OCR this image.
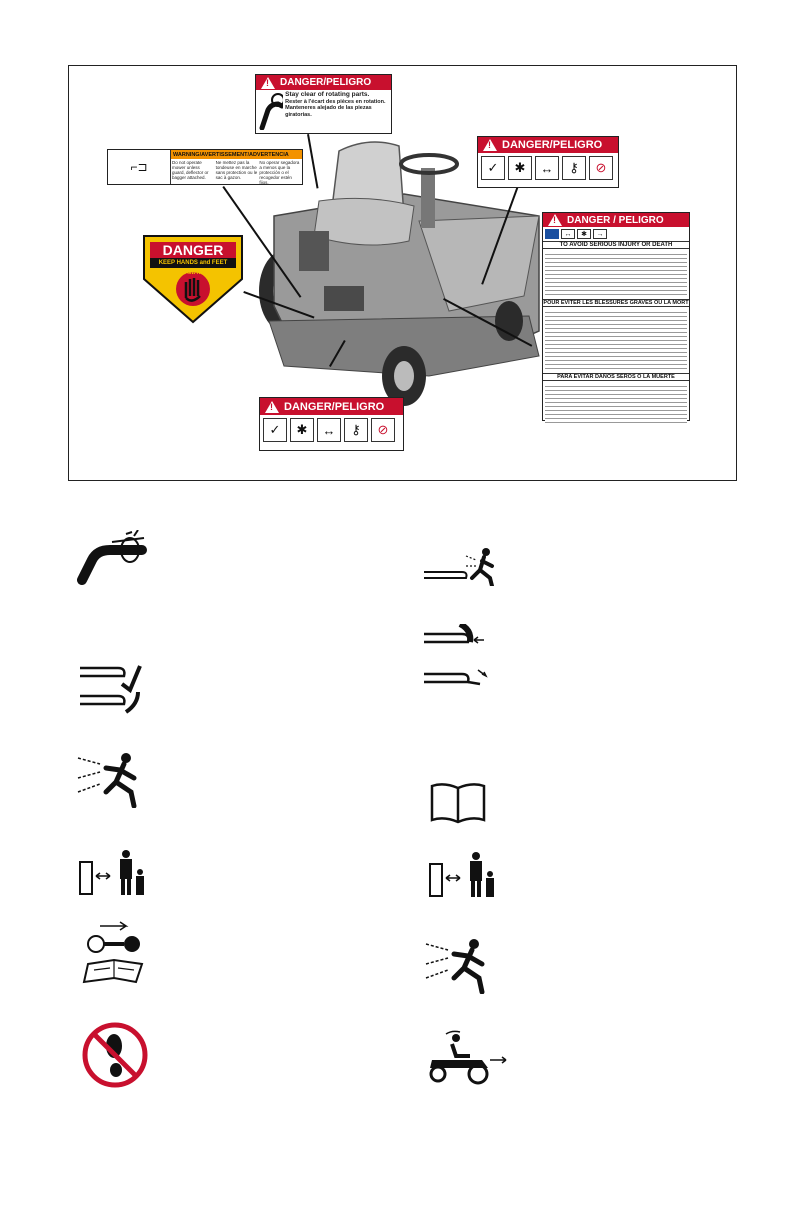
!
DANGER/PELIGRO
Stay clear of rotating parts.
Rester à l'écart des pièces en rotation.
Manteneres alejado de las piezas giratorias.
⌐⊐
WARNING/AVERTISSEMENT/ADVERTENCIA
Do not operate mower unless guard, deflector or bagger attached.
Ne mettez pas la tondeuse en marche sans protection ou le sac à gazon.
No operar segadora a menos que la protección o el recogedor estén fijos.
DANGER
KEEP HANDS and FEET AWAY
!
DANGER/PELIGRO
✓	✱	↔	⚷	⊘
!
DANGER / PELIGRO
↔	✱	→
TO AVOID SERIOUS INJURY OR DEATH
POUR EVITER LES BLESSURES GRAVES OU LA MORT
PARA EVITAR DAÑOS SEROS O LA MUERTE
!
DANGER/PELIGRO
✓	✱	↔	⚷	⊘
